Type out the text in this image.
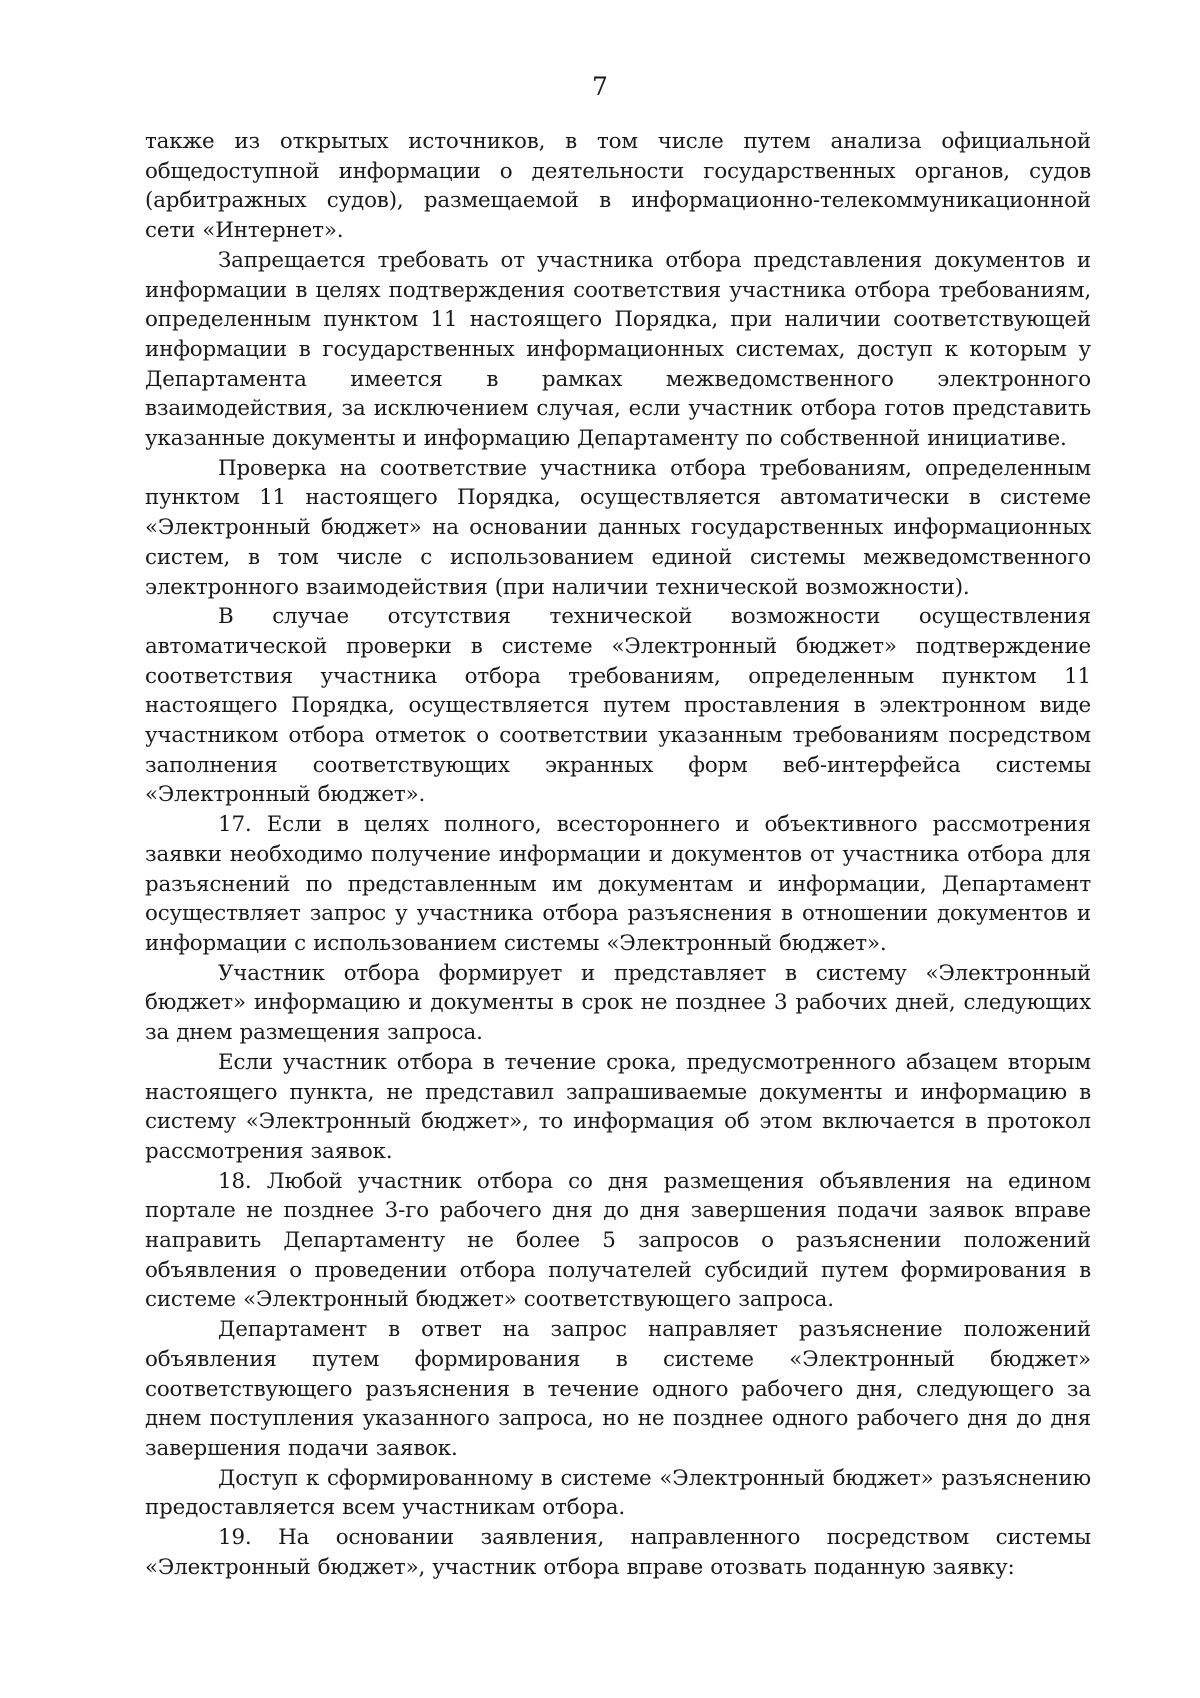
7

также из открытых источников, в том числе путем анализа официальной общедоступной информации о деятельности государственных органов, судов (арбитражных судов), размещаемой в информационно-телекоммуникационной сети «Интернет».

Запрещается требовать от участника отбора представления документов и информации в целях подтверждения соответствия участника отбора требованиям, определенным пунктом 11 настоящего Порядка, при наличии соответствующей информации в государственных информационных системах, доступ к которым у Департамента имеется в рамках межведомственного электронного взаимодействия, за исключением случая, если участник отбора готов представить указанные документы и информацию Департаменту по собственной инициативе.

Проверка на соответствие участника отбора требованиям, определенным пунктом 11 настоящего Порядка, осуществляется автоматически в системе «Электронный бюджет» на основании данных государственных информационных систем, в том числе с использованием единой системы межведомственного электронного взаимодействия (при наличии технической возможности).

В случае отсутствия технической возможности осуществления автоматической проверки в системе «Электронный бюджет» подтверждение соответствия участника отбора требованиям, определенным пунктом 11 настоящего Порядка, осуществляется путем проставления в электронном виде участником отбора отметок о соответствии указанным требованиям посредством заполнения соответствующих экранных форм веб-интерфейса системы «Электронный бюджет».

17. Если в целях полного, всестороннего и объективного рассмотрения заявки необходимо получение информации и документов от участника отбора для разъяснений по представленным им документам и информации, Департамент осуществляет запрос у участника отбора разъяснения в отношении документов и информации с использованием системы «Электронный бюджет».

Участник отбора формирует и представляет в систему «Электронный бюджет» информацию и документы в срок не позднее 3 рабочих дней, следующих за днем размещения запроса.

Если участник отбора в течение срока, предусмотренного абзацем вторым настоящего пункта, не представил запрашиваемые документы и информацию в систему «Электронный бюджет», то информация об этом включается в протокол рассмотрения заявок.

18. Любой участник отбора со дня размещения объявления на едином портале не позднее 3-го рабочего дня до дня завершения подачи заявок вправе направить Департаменту не более 5 запросов о разъяснении положений объявления о проведении отбора получателей субсидий путем формирования в системе «Электронный бюджет» соответствующего запроса.

Департамент в ответ на запрос направляет разъяснение положений объявления путем формирования в системе «Электронный бюджет» соответствующего разъяснения в течение одного рабочего дня, следующего за днем поступления указанного запроса, но не позднее одного рабочего дня до дня завершения подачи заявок.

Доступ к сформированному в системе «Электронный бюджет» разъяснению предоставляется всем участникам отбора.

19. На основании заявления, направленного посредством системы «Электронный бюджет», участник отбора вправе отозвать поданную заявку:
